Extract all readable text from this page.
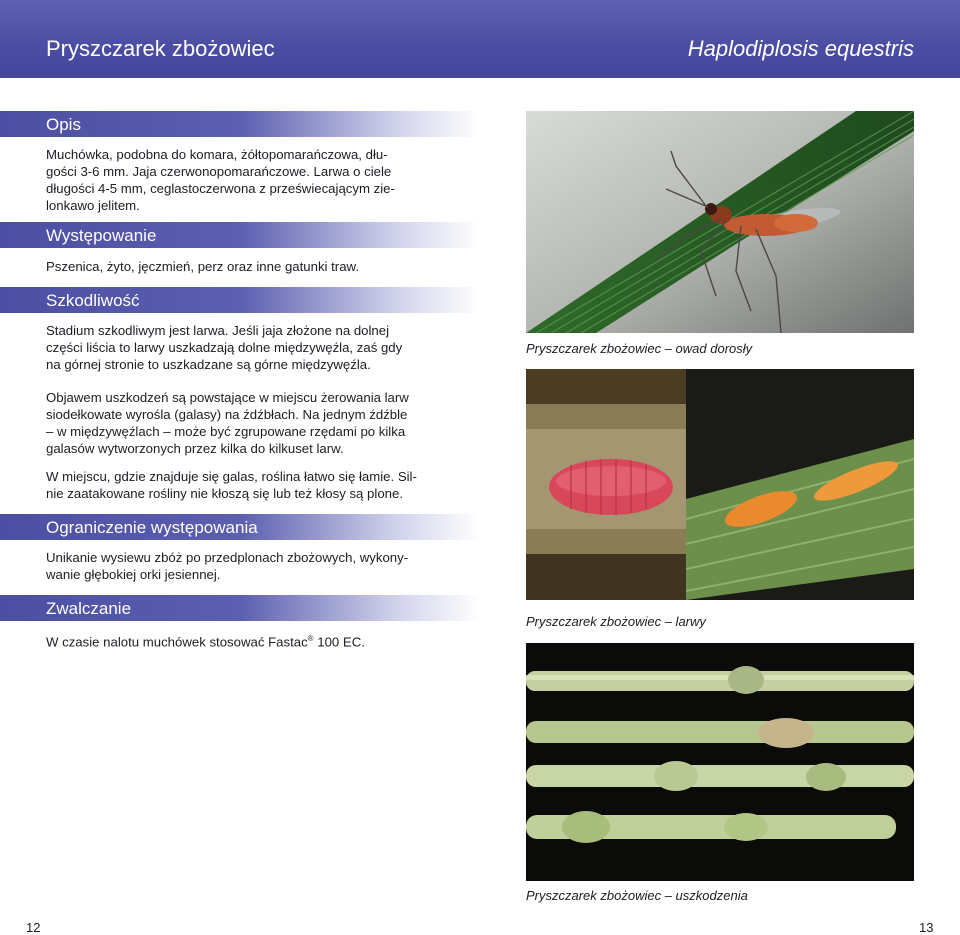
Pryszczarek zbożowiec	Haplodiplosis equestris
Opis

Muchówka, podobna do komara, żółtopomarańczowa, dłu-
gości 3-6 mm. Jaja czerwonopomarańczowe. Larwa o ciele
długości 4-5 mm, ceglastoczerwona z przeświecającym zie-
lonkawo jelitem.

Występowanie

Pszenica, żyto, jęczmień, perz oraz inne gatunki traw.

Szkodliwość

Stadium szkodliwym jest larwa. Jeśli jaja złożone na dolnej
części liścia to larwy uszkadzają dolne międzywęźla, zaś gdy
na górnej stronie to uszkadzane są górne międzywęźla.

Objawem uszkodzeń są powstające w miejscu żerowania larw
siodełkowate wyrośla (galasy) na źdźbłach. Na jednym źdźble
– w międzywęźlach – może być zgrupowane rzędami po kilka
galasów wytworzonych przez kilka do kilkuset larw.

W miejscu, gdzie znajduje się galas, roślina łatwo się łamie. Sil-
nie zaatakowane rośliny nie kłoszą się lub też kłosy są plone.

Ograniczenie występowania

Unikanie wysiewu zbóż po przedplonach zbożowych, wykony-
wanie głębokiej orki jesiennej.

Zwalczanie

W czasie nalotu muchówek stosować Fastac® 100 EC.

Pryszczarek zbożowiec – owad dorosły
Pryszczarek zbożowiec – larwy
Pryszczarek zbożowiec – uszkodzenia
12	13
